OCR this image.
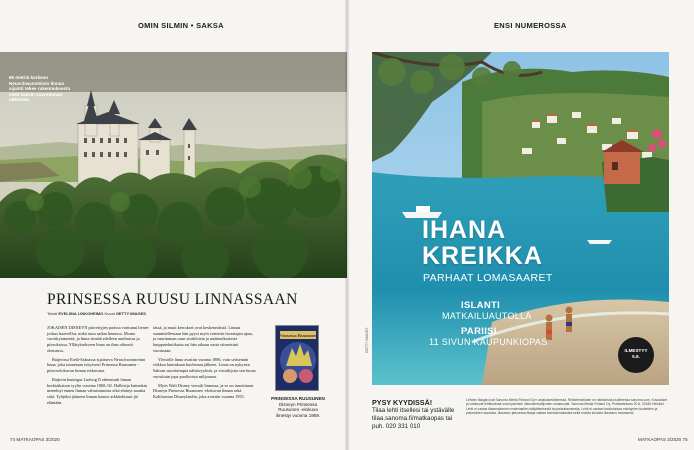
OMIN SILMIN • SAKSA
65 metriä korkean Neuschwansteinin linnan sijainti tekee rakennuksesta vielä kaksin suuremman näköisen.
PRINSESSA RUUSU LINNASSAAN
Teksti EVELIINA LINKOHEIMO Kuvat GETTY IMAGES

JOKAISEN DISNEYN piirrettyjen parissa varttunut lienee joskus haaveillut, mikä asuu sadun linnassa. Monta vuosikymmentä, ja linna siintää edelleen unelmissa ja piirroksissa. Yllätyksekseen linna on ihan oikeasti olemassa.

Baijerissa Etelä-Saksassa sijaitseva Neuschwansteinin linna, joka tunnetaan erityisesti Prinsessa Ruusunen -piirroselokuvan linnan esikuvana.

Baijerin kuningas Ludwig II rakennutti linnan keskiaikaisen tyylin vuosina 1868–92. Hallitsija kuitenkin menehtyi ennen linnan valmistumista eikä ehtinyt nauttia siitä. Tyhjäksi jääneen linnan kaunis arkkitehtuuri jäi elämään.

tässä, ja muut kerrokset ovat keskeneräisiä. Linnaa suunnitellessaan hän pyysi myös teatterin lavastajan apua, ja suurimman osan sisätiloista ja uudenaikaisesta huipputekniikasta sai hän aikaan vasta viimeisinä vuosinaan.

Yleisölle linna avattiin vuonna 1886, vain seitsemän viikkoa kuninkaan kuoleman jälkeen. Linna on nykyisin Saksan suosituimpia nähtävyyksiä, ja vierailijoita sen luona vuosittain jopa puolitoista miljoonaa.

Myös Walt Disney vieraili linnassa, ja se on innoittanut Disneyn Prinsessa Ruusunen -elokuvan linnan sekä Kalifornian Disneylandin, joka avattiin vuonna 1955.

Prinsessa Ruusunen
PRINSESSA RUUSUNEN
Disneyn Prinsessa Ruusunen -elokuva ilmestyi vuonna 1959.
74 MATKAOPAS 3/2020
ENSI NUMEROSSA
IHANA
KREIKKA
PARHAAT LOMASAARET
ISLANTI
MATKAILUAUTOLLA
PARIISI
11 SIVUN KAUPUNKIOPAS
ILMESTYY
5.8.
GETTY IMAGES
PYSY KYYDISSÄ!
Tilaa lehti itsellesi tai ystävälle tilaa.sanoma.fi/matkaopas tai puh. 020 331 010
Lehden tilaajat ovat Sanoma Media Finland Oy:n asiakasrekisterissä. Rekisteriseloste on nähtävissä osoitteessa sanoma.com. Kuvaukset ja valokuvat lehtikuvissa ovat kyseisten oikeudenhaltijoiden omaisuutta. Sanoma Media Finland Oy, Porkkalankatu 20 A, 00180 Helsinki. Lehti ei vastaa tilaamattomien materiaalien säilyttämisestä tai palauttamisesta. Lehti ei vastaa ilmoituksissa esiintyvien tuotteiden ja palveluiden laadusta, tilauksen jatkuessa tilaaja vastaa toimitusmaksusta sekä muista kuluista tilauksen mukaisesti.
MATKAOPAS 3/2020 75
